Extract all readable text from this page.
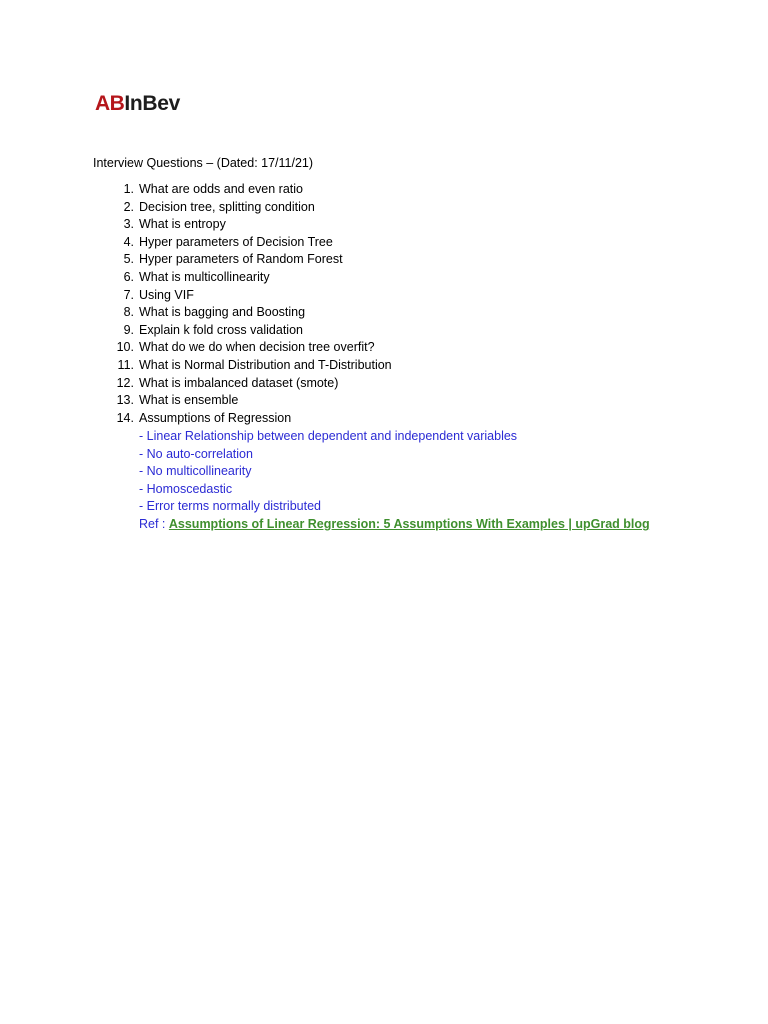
AB InBev
Interview Questions – (Dated: 17/11/21)
1. What are odds and even ratio
2. Decision tree, splitting condition
3. What is entropy
4. Hyper parameters of Decision Tree
5. Hyper parameters of Random Forest
6. What is multicollinearity
7. Using VIF
8. What is bagging and Boosting
9. Explain k fold cross validation
10. What do we do when decision tree overfit?
11. What is Normal Distribution and T-Distribution
12. What is imbalanced dataset (smote)
13. What is ensemble
14. Assumptions of Regression
- Linear Relationship between dependent and independent variables
- No auto-correlation
- No multicollinearity
- Homoscedastic
- Error terms normally distributed
Ref : Assumptions of Linear Regression: 5 Assumptions With Examples | upGrad blog
